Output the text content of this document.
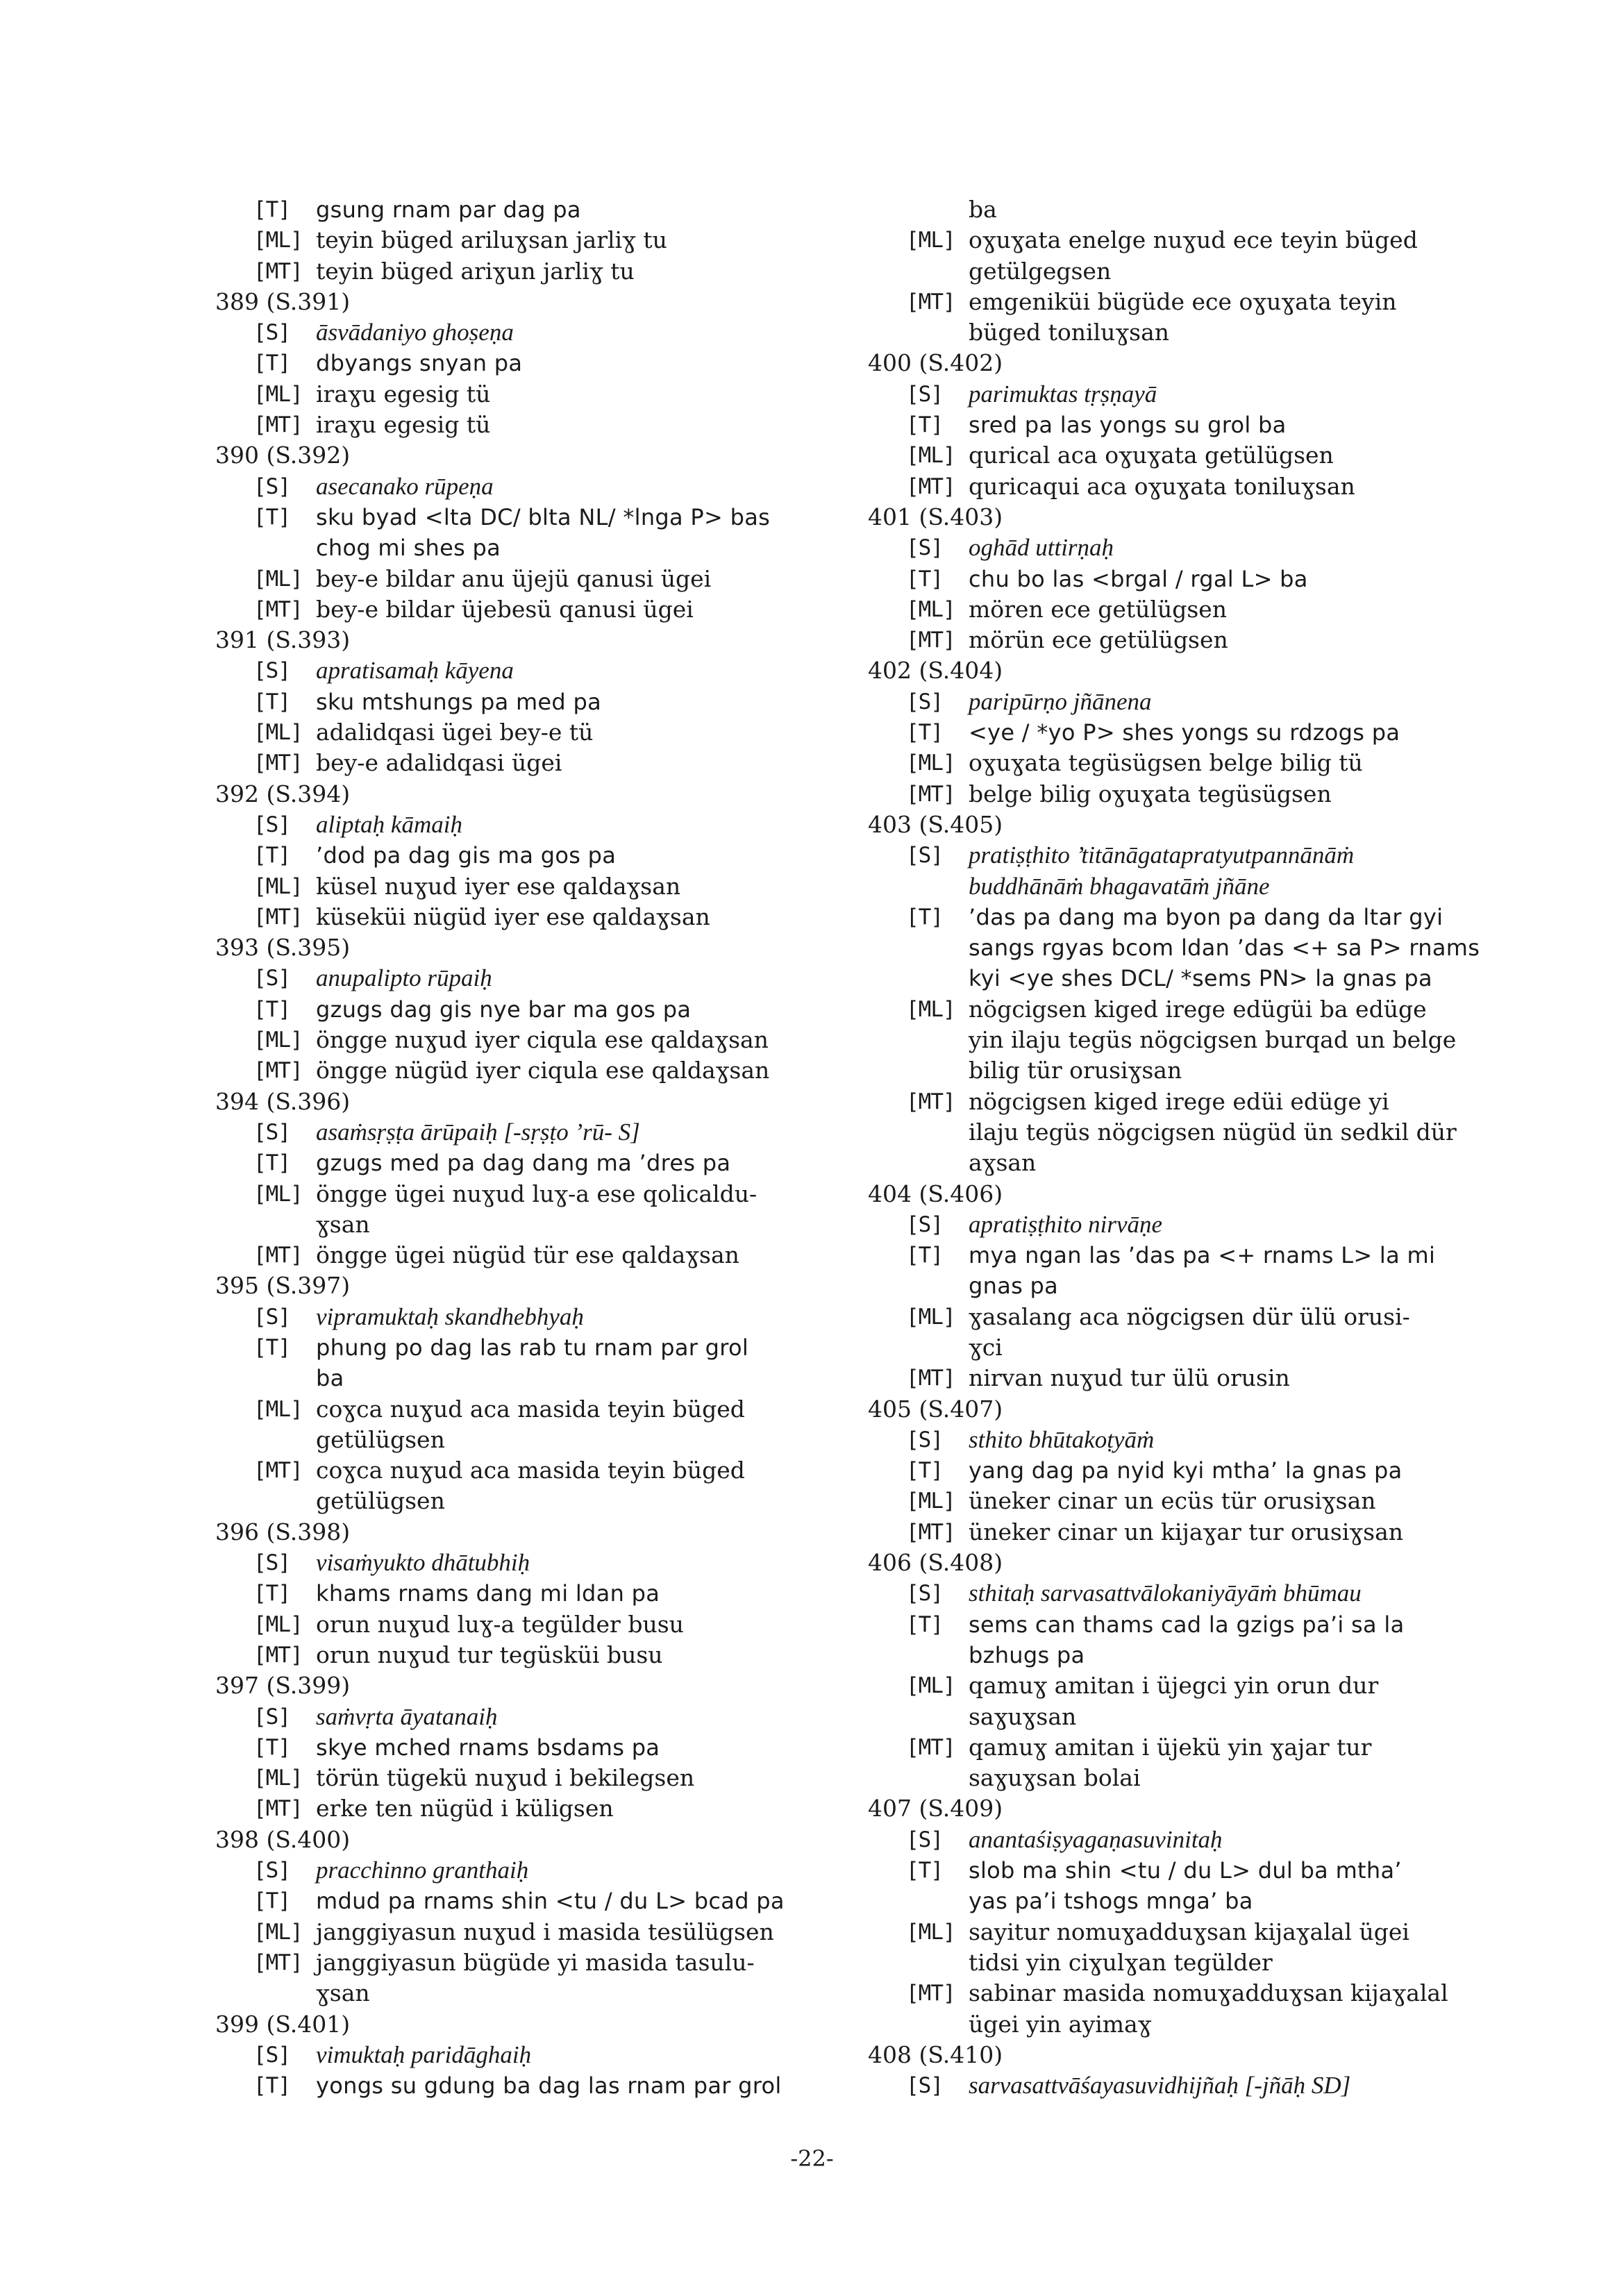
[T]	gsung rnam par dag pa
[ML] teyin büged ariluɣsan jarliɣ tu
[MT] teyin büged ariɣun jarliɣ tu
389 (S.391)
[S]	āsvādaniyo ghoṣeṇa
[T]	dbyangs snyan pa
[ML] iraɣu egesig tü
[MT] iraɣu egesig tü
390 (S.392)
[S]	asecanako rūpeṇa
[T]	sku byad <lta DC/ blta NL/ *lnga P> bas
chog mi shes pa
[ML] bey-e bildar anu üjejü qanusi ügei
[MT] bey-e bildar üjebesü qanusi ügei
391 (S.393)
[S]	apratisamaḥ kāyena
[T]	sku mtshungs pa med pa
[ML] adalidqasi ügei bey-e tü
[MT] bey-e adalidqasi ügei
392 (S.394)
[S]	aliptaḥ kāmaiḥ
[T]	’dod pa dag gis ma gos pa
[ML] küsel nuɣud iyer ese qaldaɣsan
[MT] küseküi nügüd iyer ese qaldaɣsan
393 (S.395)
[S]	anupalipto rūpaiḥ
[T]	gzugs dag gis nye bar ma gos pa
[ML] öngge nuɣud iyer ciqula ese qaldaɣsan
[MT] öngge nügüd iyer ciqula ese qaldaɣsan
394 (S.396)
[S]	asaṁsṛṣṭa ārūpaiḥ [-sṛṣṭo ’rū- S]
[T]	gzugs med pa dag dang ma ’dres pa
[ML] öngge ügei nuɣud luɣ-a ese qolicaldu-
ɣsan
[MT] öngge ügei nügüd tür ese qaldaɣsan
395 (S.397)
[S]	vipramuktaḥ skandhebhyaḥ
[T]	phung po dag las rab tu rnam par grol
ba
[ML] coɣca nuɣud aca masida teyin büged
getülügsen
[MT] coɣca nuɣud aca masida teyin büged
getülügsen
396 (S.398)
[S]	visaṁyukto dhātubhiḥ
[T]	khams rnams dang mi ldan pa
[ML] orun nuɣud luɣ-a tegülder busu
[MT] orun nuɣud tur tegüsküi busu
397 (S.399)
[S]	saṁvṛta āyatanaiḥ
[T]	skye mched rnams bsdams pa
[ML] törün tügekü nuɣud i bekilegsen
[MT] erke ten nügüd i küligsen
398 (S.400)
[S]	pracchinno granthaiḥ
[T]	mdud pa rnams shin <tu / du L> bcad pa
[ML] janggiyasun nuɣud i masida tesülügsen
[MT] janggiyasun bügüde yi masida tasulu-
ɣsan
399 (S.401)
[S]	vimuktaḥ paridāghaiḥ
[T]	yongs su gdung ba dag las rnam par grol
ba
[ML] oɣuɣata enelge nuɣud ece teyin büged
getülgegsen
[MT] emgeniküi bügüde ece oɣuɣata teyin
büged toniluɣsan
400 (S.402)
[S]	parimuktas tṛṣṇayā
[T]	sred pa las yongs su grol ba
[ML] qurical aca oɣuɣata getülügsen
[MT] quricaqui aca oɣuɣata toniluɣsan
401 (S.403)
[S]	oghād uttirṇaḥ
[T]	chu bo las <brgal / rgal L> ba
[ML] mören ece getülügsen
[MT] mörün ece getülügsen
402 (S.404)
[S]	paripūrṇo jñānena
[T]	<ye / *yo P> shes yongs su rdzogs pa
[ML] oɣuɣata tegüsügsen belge bilig tü
[MT] belge bilig oɣuɣata tegüsügsen
403 (S.405)
[S]	pratiṣṭhito ’titānāgatapratyutpannānāṁ
buddhānāṁ bhagavatāṁ jñāne
[T]	’das pa dang ma byon pa dang da ltar gyi
sangs rgyas bcom ldan ’das <+ sa P> rnams
kyi <ye shes DCL/ *sems PN> la gnas pa
[ML] nögcigsen kiged irege edügüi ba edüge
yin ilaju tegüs nögcigsen burqad un belge
bilig tür orusiɣsan
[MT] nögcigsen kiged irege edüi edüge yi
ilaju tegüs nögcigsen nügüd ün sedkil dür
aɣsan
404 (S.406)
[S]	apratiṣṭhito nirvāṇe
[T]	mya ngan las ’das pa <+ rnams L> la mi
gnas pa
[ML] ɣasalang aca nögcigsen dür ülü orusi-
ɣci
[MT] nirvan nuɣud tur ülü orusin
405 (S.407)
[S]	sthito bhūtakoṭyāṁ
[T]	yang dag pa nyid kyi mtha’ la gnas pa
[ML] üneker cinar un ecüs tür orusiɣsan
[MT] üneker cinar un kijaɣar tur orusiɣsan
406 (S.408)
[S]	sthitaḥ sarvasattvālokaniyāyāṁ bhūmau
[T]	sems can thams cad la gzigs pa’i sa la
bzhugs pa
[ML] qamuɣ amitan i üjegci yin orun dur
saɣuɣsan
[MT] qamuɣ amitan i üjekü yin ɣajar tur
saɣuɣsan bolai
407 (S.409)
[S]	anantaśiṣyagaṇasuvinitaḥ
[T]	slob ma shin <tu / du L> dul ba mtha’
yas pa’i tshogs mnga’ ba
[ML] sayitur nomuɣadduɣsan kijaɣalal ügei
tidsi yin ciɣulɣan tegülder
[MT] sabinar masida nomuɣadduɣsan kijaɣalal
ügei yin ayimaɣ
408 (S.410)
[S]	sarvasattvāśayasuvidhijñaḥ [-jñāḥ SD]
-22-
